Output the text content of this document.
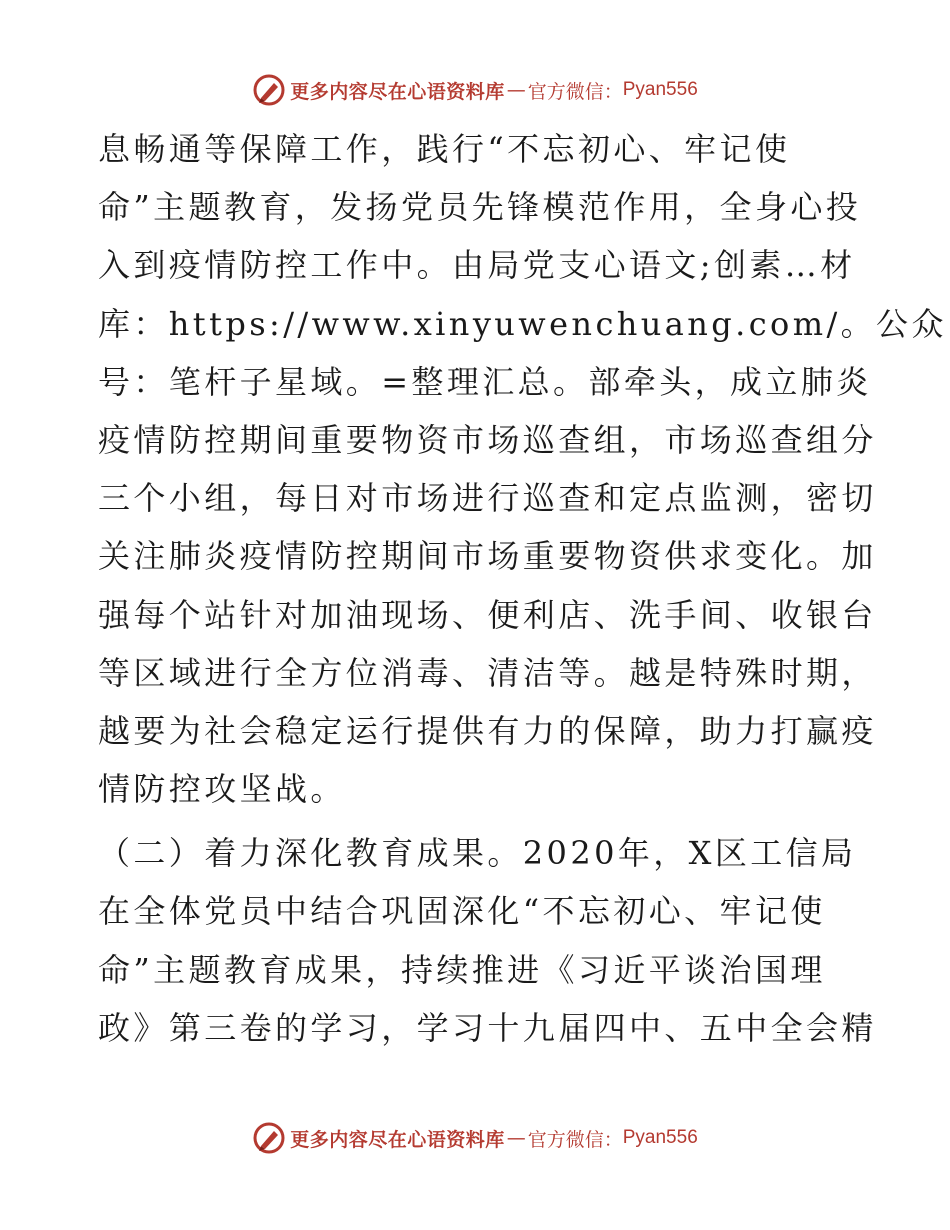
更多内容尽在心语资料库 — 官方微信： Pyan556

息畅通等保障工作，践行“不忘初心、牢记使
命”主题教育，发扬党员先锋模范作用，全身心投
入到疫情防控工作中。由局党支心语文;创素…材
库：https://www.xinyuwenchuang.com/。公众
号：笔杆子星域。=整理汇总。部牵头，成立肺炎
疫情防控期间重要物资市场巡查组，市场巡查组分
三个小组，每日对市场进行巡查和定点监测，密切
关注肺炎疫情防控期间市场重要物资供求变化。加
强每个站针对加油现场、便利店、洗手间、收银台
等区域进行全方位消毒、清洁等。越是特殊时期，
越要为社会稳定运行提供有力的保障，助力打赢疫
情防控攻坚战。

（二）着力深化教育成果。2020年，X区工信局
在全体党员中结合巩固深化“不忘初心、牢记使
命”主题教育成果，持续推进《习近平谈治国理
政》第三卷的学习，学习十九届四中、五中全会精

更多内容尽在心语资料库 — 官方微信： Pyan556
